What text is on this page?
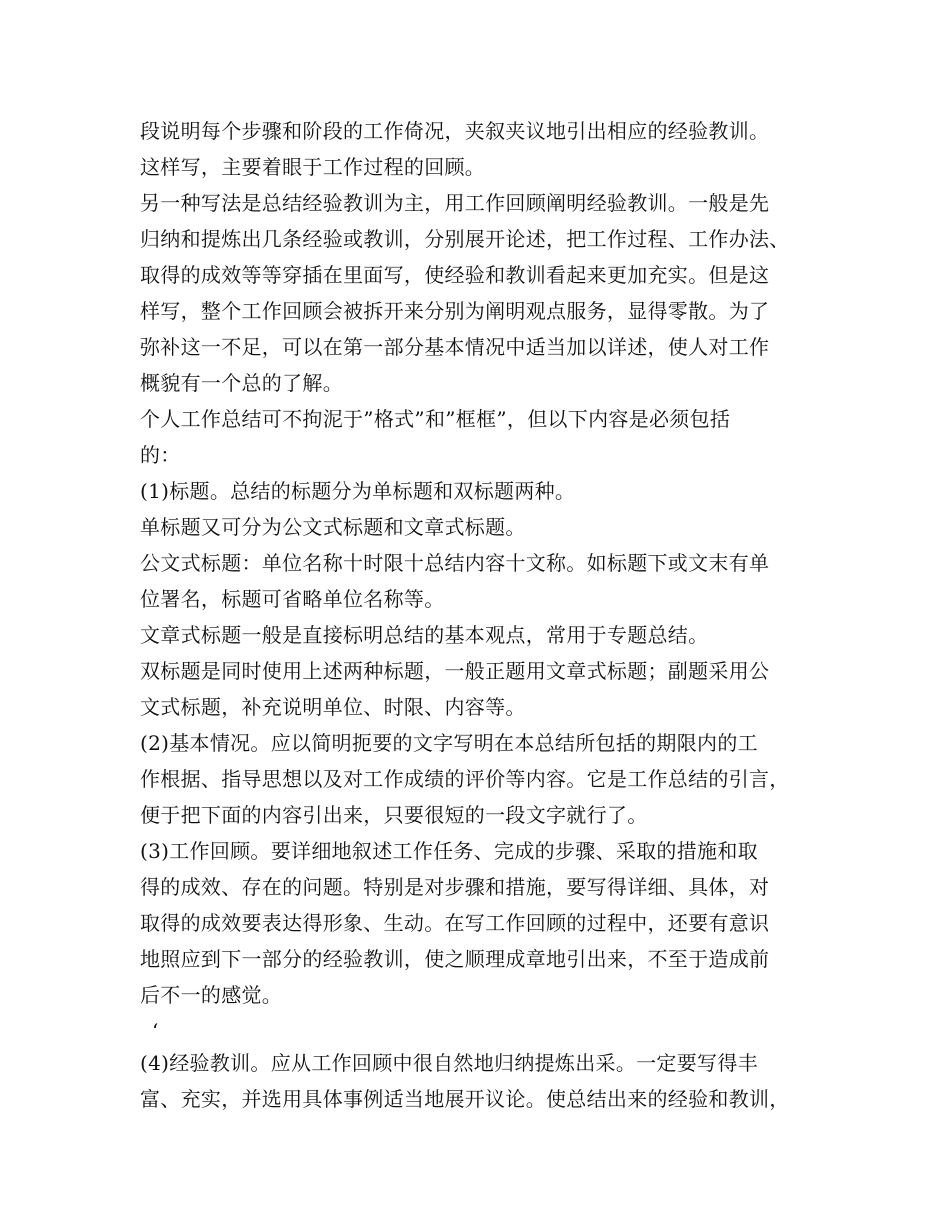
段说明每个步骤和阶段的工作倚况，夹叙夹议地引出相应的经验教训。
这样写，主要着眼于工作过程的回顾。
另一种写法是总结经验教训为主，用工作回顾阐明经验教训。一般是先
归纳和提炼出几条经验或教训，分别展开论述，把工作过程、工作办法、
取得的成效等等穿插在里面写，使经验和教训看起来更加充实。但是这
样写，整个工作回顾会被拆开来分别为阐明观点服务，显得零散。为了
弥补这一不足，可以在第一部分基本情况中适当加以详述，使人对工作
概貌有一个总的了解。
个人工作总结可不拘泥于”格式”和”框框”，但以下内容是必须包括
的：
(1)标题。总结的标题分为单标题和双标题两种。
单标题又可分为公文式标题和文章式标题。
公文式标题：单位名称十时限十总结内容十文称。如标题下或文末有单
位署名，标题可省略单位名称等。
文章式标题一般是直接标明总结的基本观点，常用于专题总结。
双标题是同时使用上述两种标题，一般正题用文章式标题；副题采用公
文式标题，补充说明单位、时限、内容等。
(2)基本情况。应以简明扼要的文字写明在本总结所包括的期限内的工
作根据、指导思想以及对工作成绩的评价等内容。它是工作总结的引言，
便于把下面的内容引出来，只要很短的一段文字就行了。
(3)工作回顾。要详细地叙述工作任务、完成的步骤、采取的措施和取
得的成效、存在的问题。特别是对步骤和措施，要写得详细、具体，对
取得的成效要表达得形象、生动。在写工作回顾的过程中，还要有意识
地照应到下一部分的经验教训，使之顺理成章地引出来，不至于造成前
后不一的感觉。
‘
(4)经验教训。应从工作回顾中很自然地归纳提炼出采。一定要写得丰
富、充实，并选用具体事例适当地展开议论。使总结出来的经验和教训，
